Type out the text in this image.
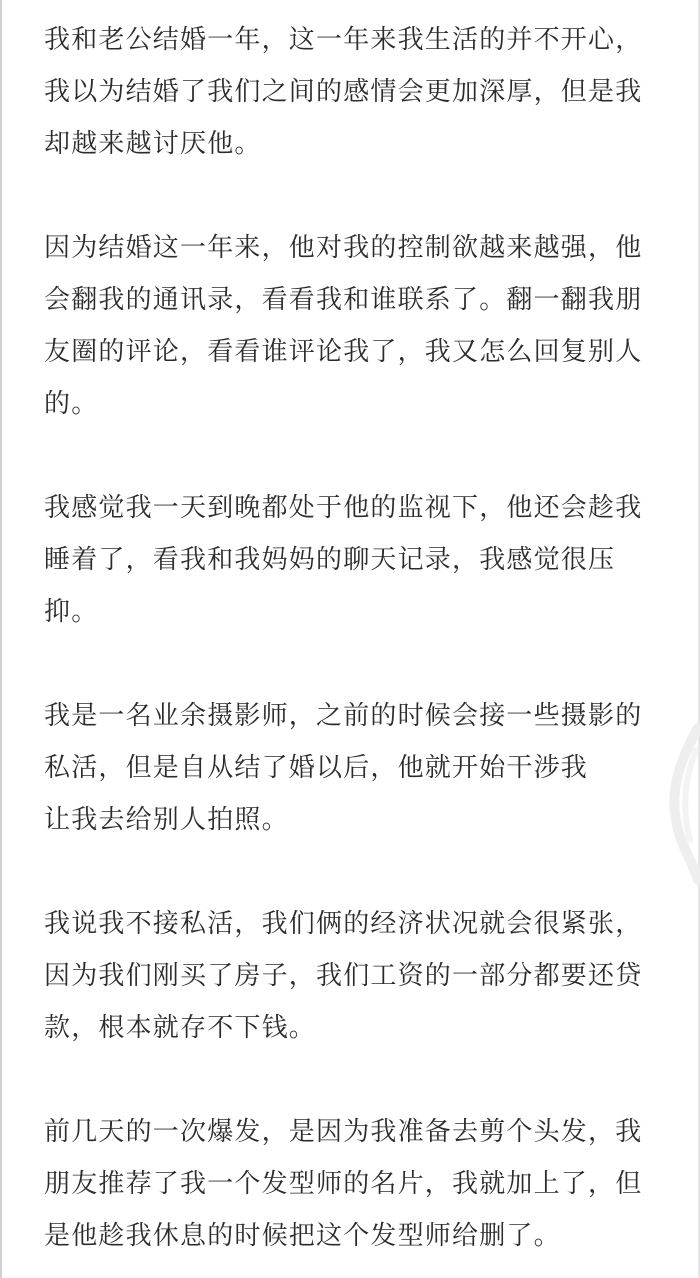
我和老公结婚一年，这一年来我生活的并不开心，
我以为结婚了我们之间的感情会更加深厚，但是我
却越来越讨厌他。

因为结婚这一年来，他对我的控制欲越来越强，他
会翻我的通讯录，看看我和谁联系了。翻一翻我朋
友圈的评论，看看谁评论我了，我又怎么回复别人
的。

我感觉我一天到晚都处于他的监视下，他还会趁我
睡着了，看我和我妈妈的聊天记录，我感觉很压
抑。

我是一名业余摄影师，之前的时候会接一些摄影的
私活，但是自从结了婚以后，他就开始干涉我
让我去给别人拍照。

我说我不接私活，我们俩的经济状况就会很紧张，
因为我们刚买了房子，我们工资的一部分都要还贷
款，根本就存不下钱。

前几天的一次爆发，是因为我准备去剪个头发，我
朋友推荐了我一个发型师的名片，我就加上了，但
是他趁我休息的时候把这个发型师给删了。
